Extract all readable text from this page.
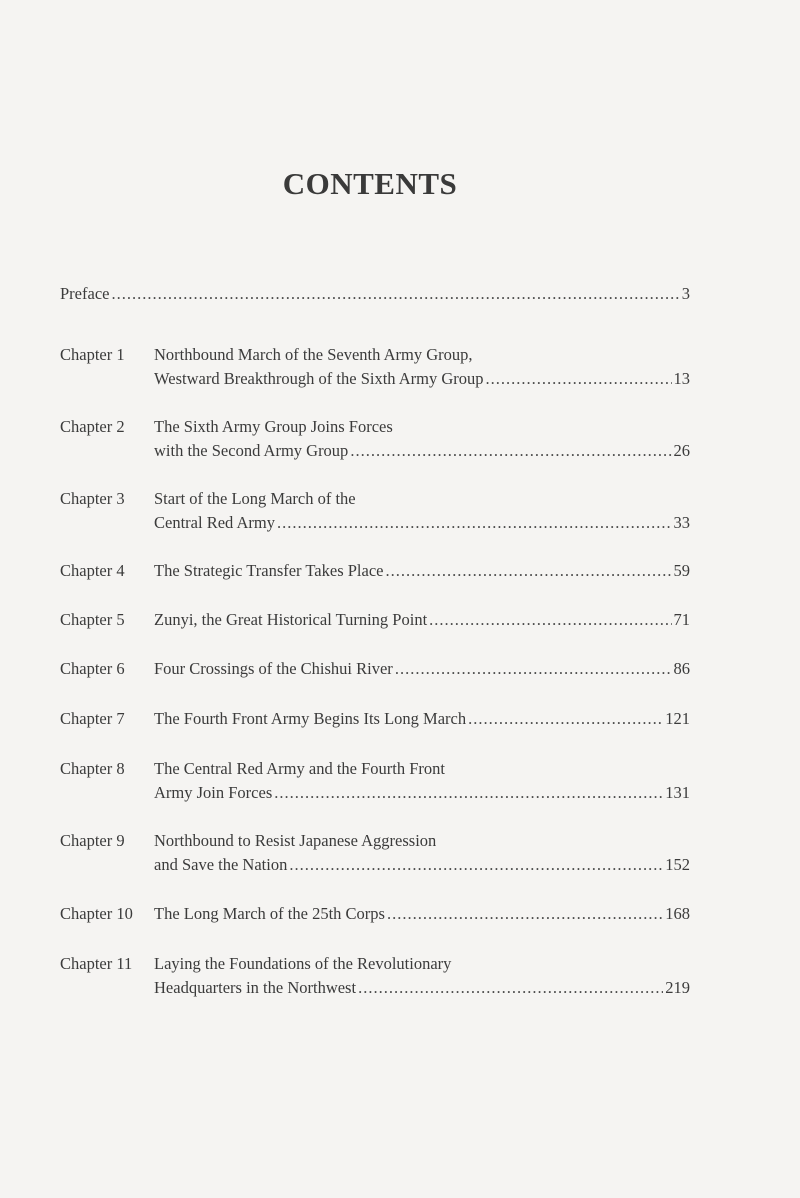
CONTENTS
Preface .....	3
Chapter 1 Northbound March of the Seventh Army Group,
Westward Breakthrough of the Sixth Army Group .....	13
Chapter 2 The Sixth Army Group Joins Forces
with the Second Army Group .....	26
Chapter 3 Start of the Long March of the
Central Red Army .....	33
Chapter 4 The Strategic Transfer Takes Place .....	59
Chapter 5 Zunyi, the Great Historical Turning Point .....	71
Chapter 6 Four Crossings of the Chishui River .....	86
Chapter 7 The Fourth Front Army Begins Its Long March .....	121
Chapter 8 The Central Red Army and the Fourth Front
Army Join Forces .....	131
Chapter 9 Northbound to Resist Japanese Aggression
and Save the Nation .....	152
Chapter 10 The Long March of the 25th Corps .....	168
Chapter 11 Laying the Foundations of the Revolutionary
Headquarters in the Northwest .....	219
